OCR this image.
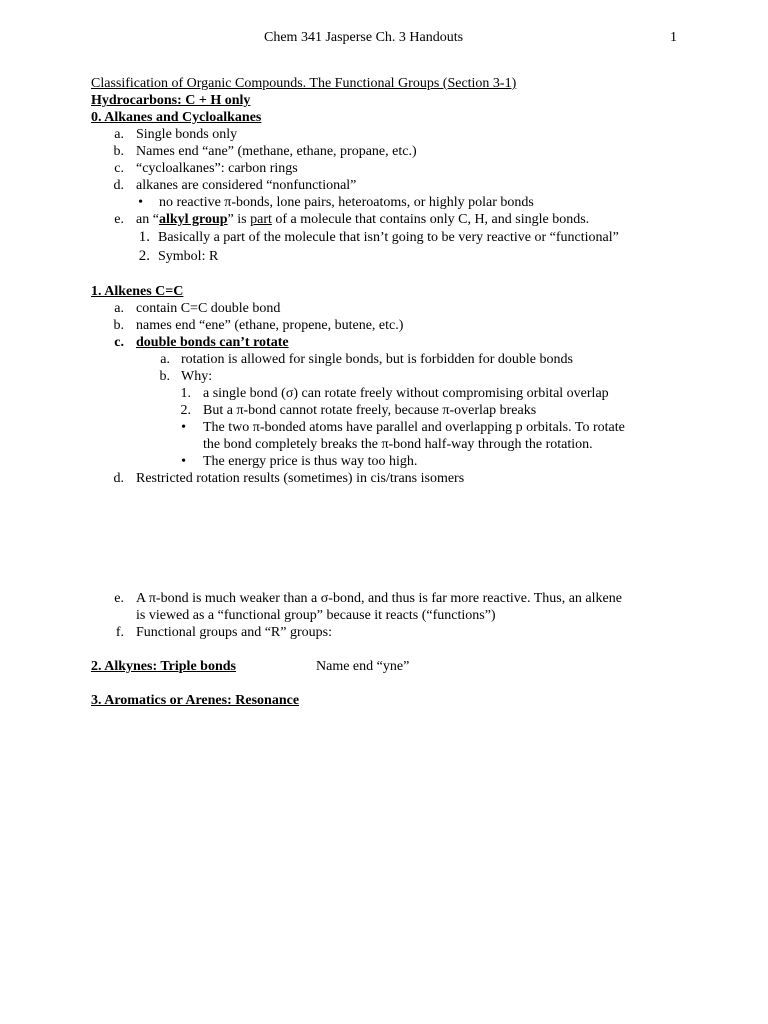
Chem 341 Jasperse Ch. 3 Handouts	1
Classification of Organic Compounds. The Functional Groups (Section 3-1)
Hydrocarbons: C + H only
0. Alkanes and Cycloalkanes
a. Single bonds only
b. Names end “ane” (methane, ethane, propane, etc.)
c. “cycloalkanes”: carbon rings
d. alkanes are considered “nonfunctional”
• no reactive π-bonds, lone pairs, heteroatoms, or highly polar bonds
e. an “alkyl group” is part of a molecule that contains only C, H, and single bonds.
1. Basically a part of the molecule that isn’t going to be very reactive or “functional”
2. Symbol: R
1. Alkenes C=C
a. contain C=C double bond
b. names end “ene” (ethane, propene, butene, etc.)
c. double bonds can’t rotate
a. rotation is allowed for single bonds, but is forbidden for double bonds
b. Why:
1. a single bond (σ) can rotate freely without compromising orbital overlap
2. But a π-bond cannot rotate freely, because π-overlap breaks
• The two π-bonded atoms have parallel and overlapping p orbitals. To rotate
the bond completely breaks the π-bond half-way through the rotation.
• The energy price is thus way too high.
d. Restricted rotation results (sometimes) in cis/trans isomers
e. A π-bond is much weaker than a σ-bond, and thus is far more reactive. Thus, an alkene
is viewed as a “functional group” because it reacts (“functions”)
f. Functional groups and “R” groups:
2. Alkynes: Triple bonds	Name end “yne”
3. Aromatics or Arenes: Resonance
